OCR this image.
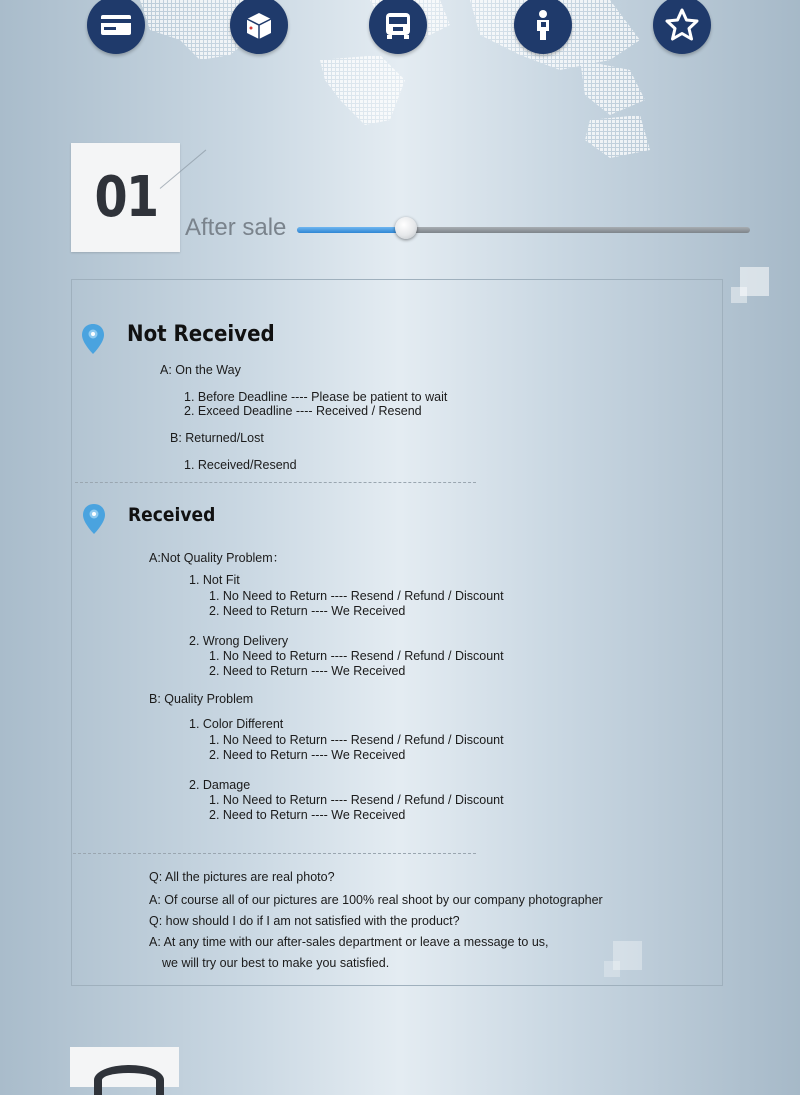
01 After sale
Not Received
A: On the Way
1. Before Deadline ---- Please be patient to wait
2. Exceed Deadline ---- Received / Resend
B: Returned/Lost
1. Received/Resend
Received
A:Not Quality Problem：
1. Not Fit
1. No Need to Return ---- Resend / Refund / Discount
2. Need to Return ---- We Received
2. Wrong Delivery
1. No Need to Return ---- Resend / Refund / Discount
2. Need to Return ---- We Received
B: Quality Problem
1. Color Different
1. No Need to Return ---- Resend / Refund / Discount
2. Need to Return ---- We Received
2. Damage
1. No Need to Return ---- Resend / Refund / Discount
2. Need to Return ---- We Received
Q: All the pictures are real photo?
A: Of course all of our pictures are 100% real shoot by our company photographer
Q: how should I do if I am not satisfied with the product?
A: At any time with our after-sales department or leave a message to us,
we will try our best to make you satisfied.
